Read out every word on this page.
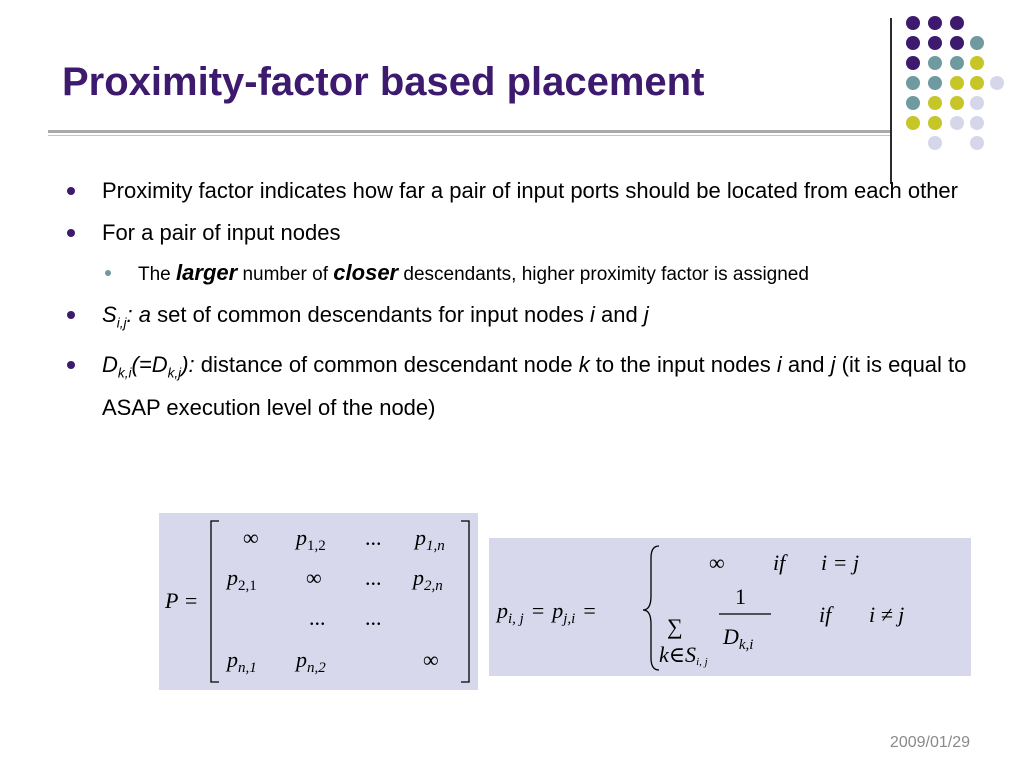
Proximity-factor based placement
Proximity factor indicates how far a pair of input ports should be located from each other
For a pair of input nodes
The larger number of closer descendants, higher proximity factor is assigned
$S_{i,j}$: a set of common descendants for input nodes i and j
$D_{k,i}(=D_{k,j})$: distance of common descendant node k to the input nodes i and j (it is equal to ASAP execution level of the node)
P =
∞ $p_{1,2}$ ... $p_{1,n}$
$p_{2,1}$ ∞ ... $p_{2,n}$
... ...
$p_{n,1}$ $p_{n,2}$	∞
$p_{i, j} = p_{j,i}$ =
∞ if i = j
∑
k∈Si, j
1
$D_{k,i}$
if i ≠ j
2009/01/29
